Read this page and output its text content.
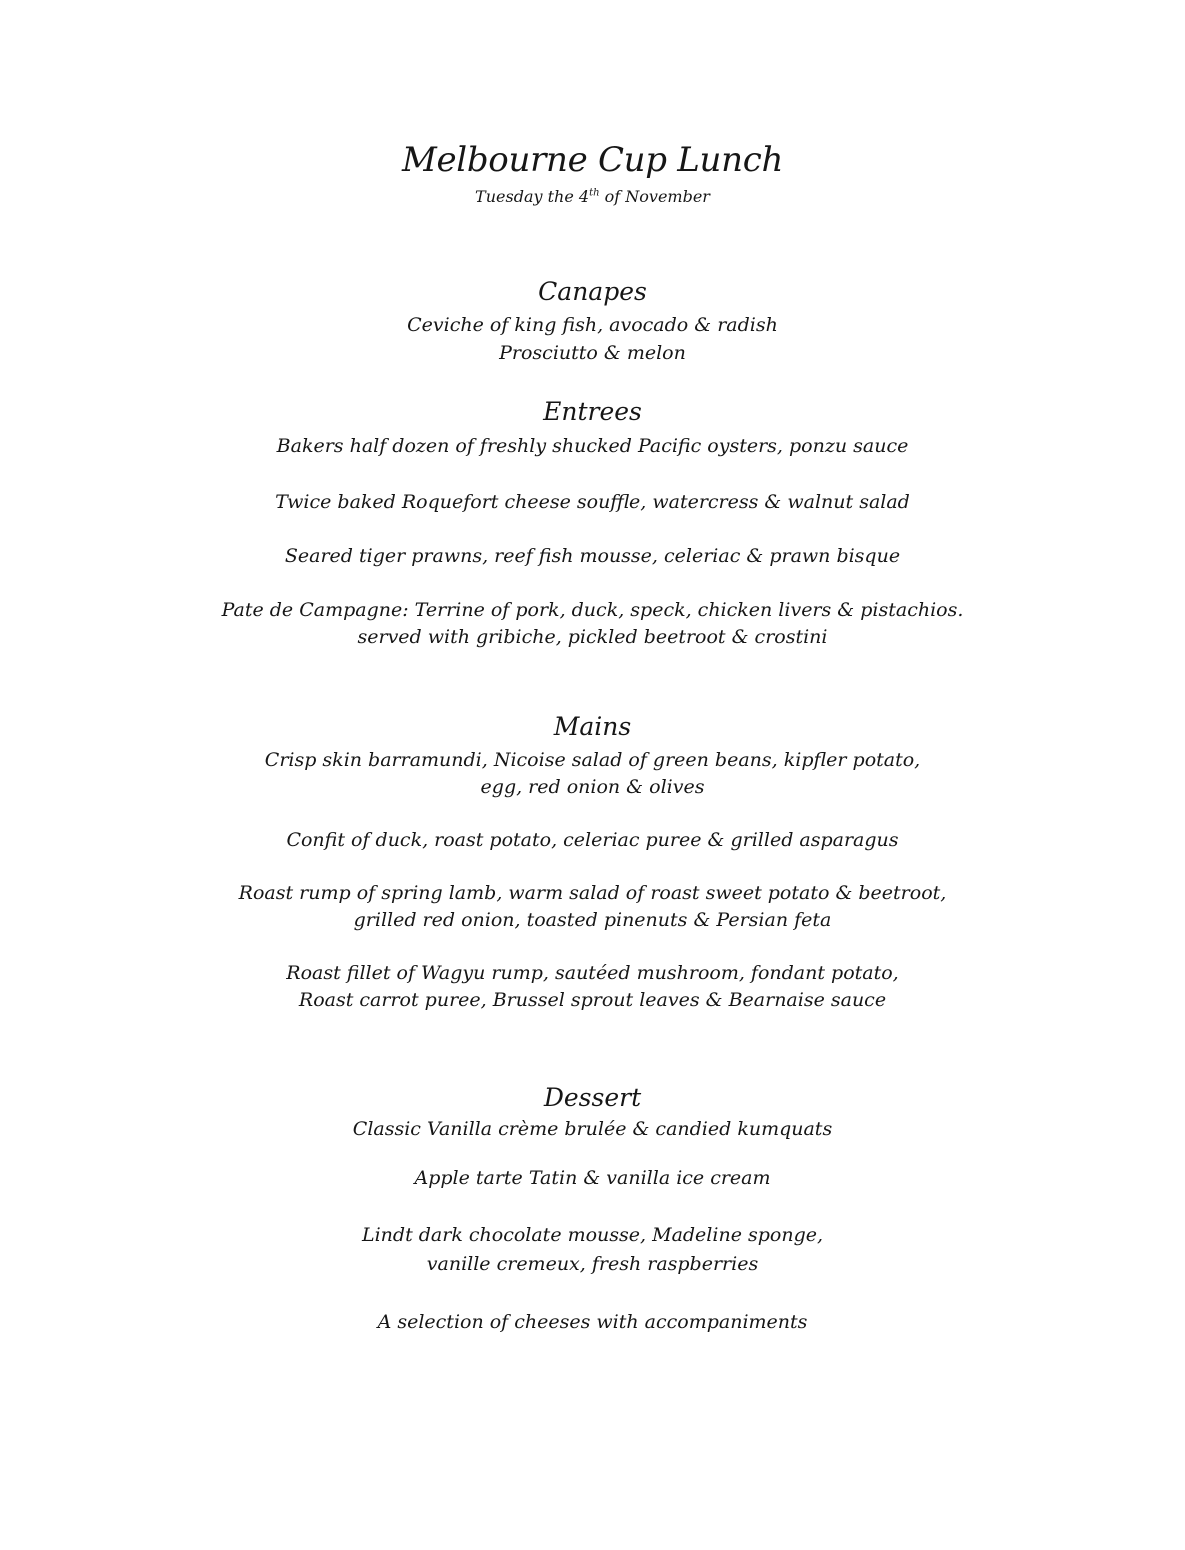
Melbourne Cup Lunch
Tuesday the 4th of November
Canapes
Ceviche of king fish, avocado & radish
Prosciutto & melon
Entrees
Bakers half dozen of freshly shucked Pacific oysters, ponzu sauce
Twice baked Roquefort cheese souffle, watercress & walnut salad
Seared tiger prawns, reef fish mousse, celeriac & prawn bisque
Pate de Campagne: Terrine of pork, duck, speck, chicken livers & pistachios.
served with gribiche, pickled beetroot & crostini
Mains
Crisp skin barramundi, Nicoise salad of green beans, kipfler potato,
egg, red onion & olives
Confit of duck, roast potato, celeriac puree & grilled asparagus
Roast rump of spring lamb, warm salad of roast sweet potato & beetroot,
grilled red onion, toasted pinenuts & Persian feta
Roast fillet of Wagyu rump, sautéed mushroom, fondant potato,
Roast carrot puree, Brussel sprout leaves & Bearnaise sauce
Dessert
Classic Vanilla crème brulée & candied kumquats
Apple tarte Tatin & vanilla ice cream
Lindt dark chocolate mousse, Madeline sponge,
vanille cremeux, fresh raspberries
A selection of cheeses with accompaniments
